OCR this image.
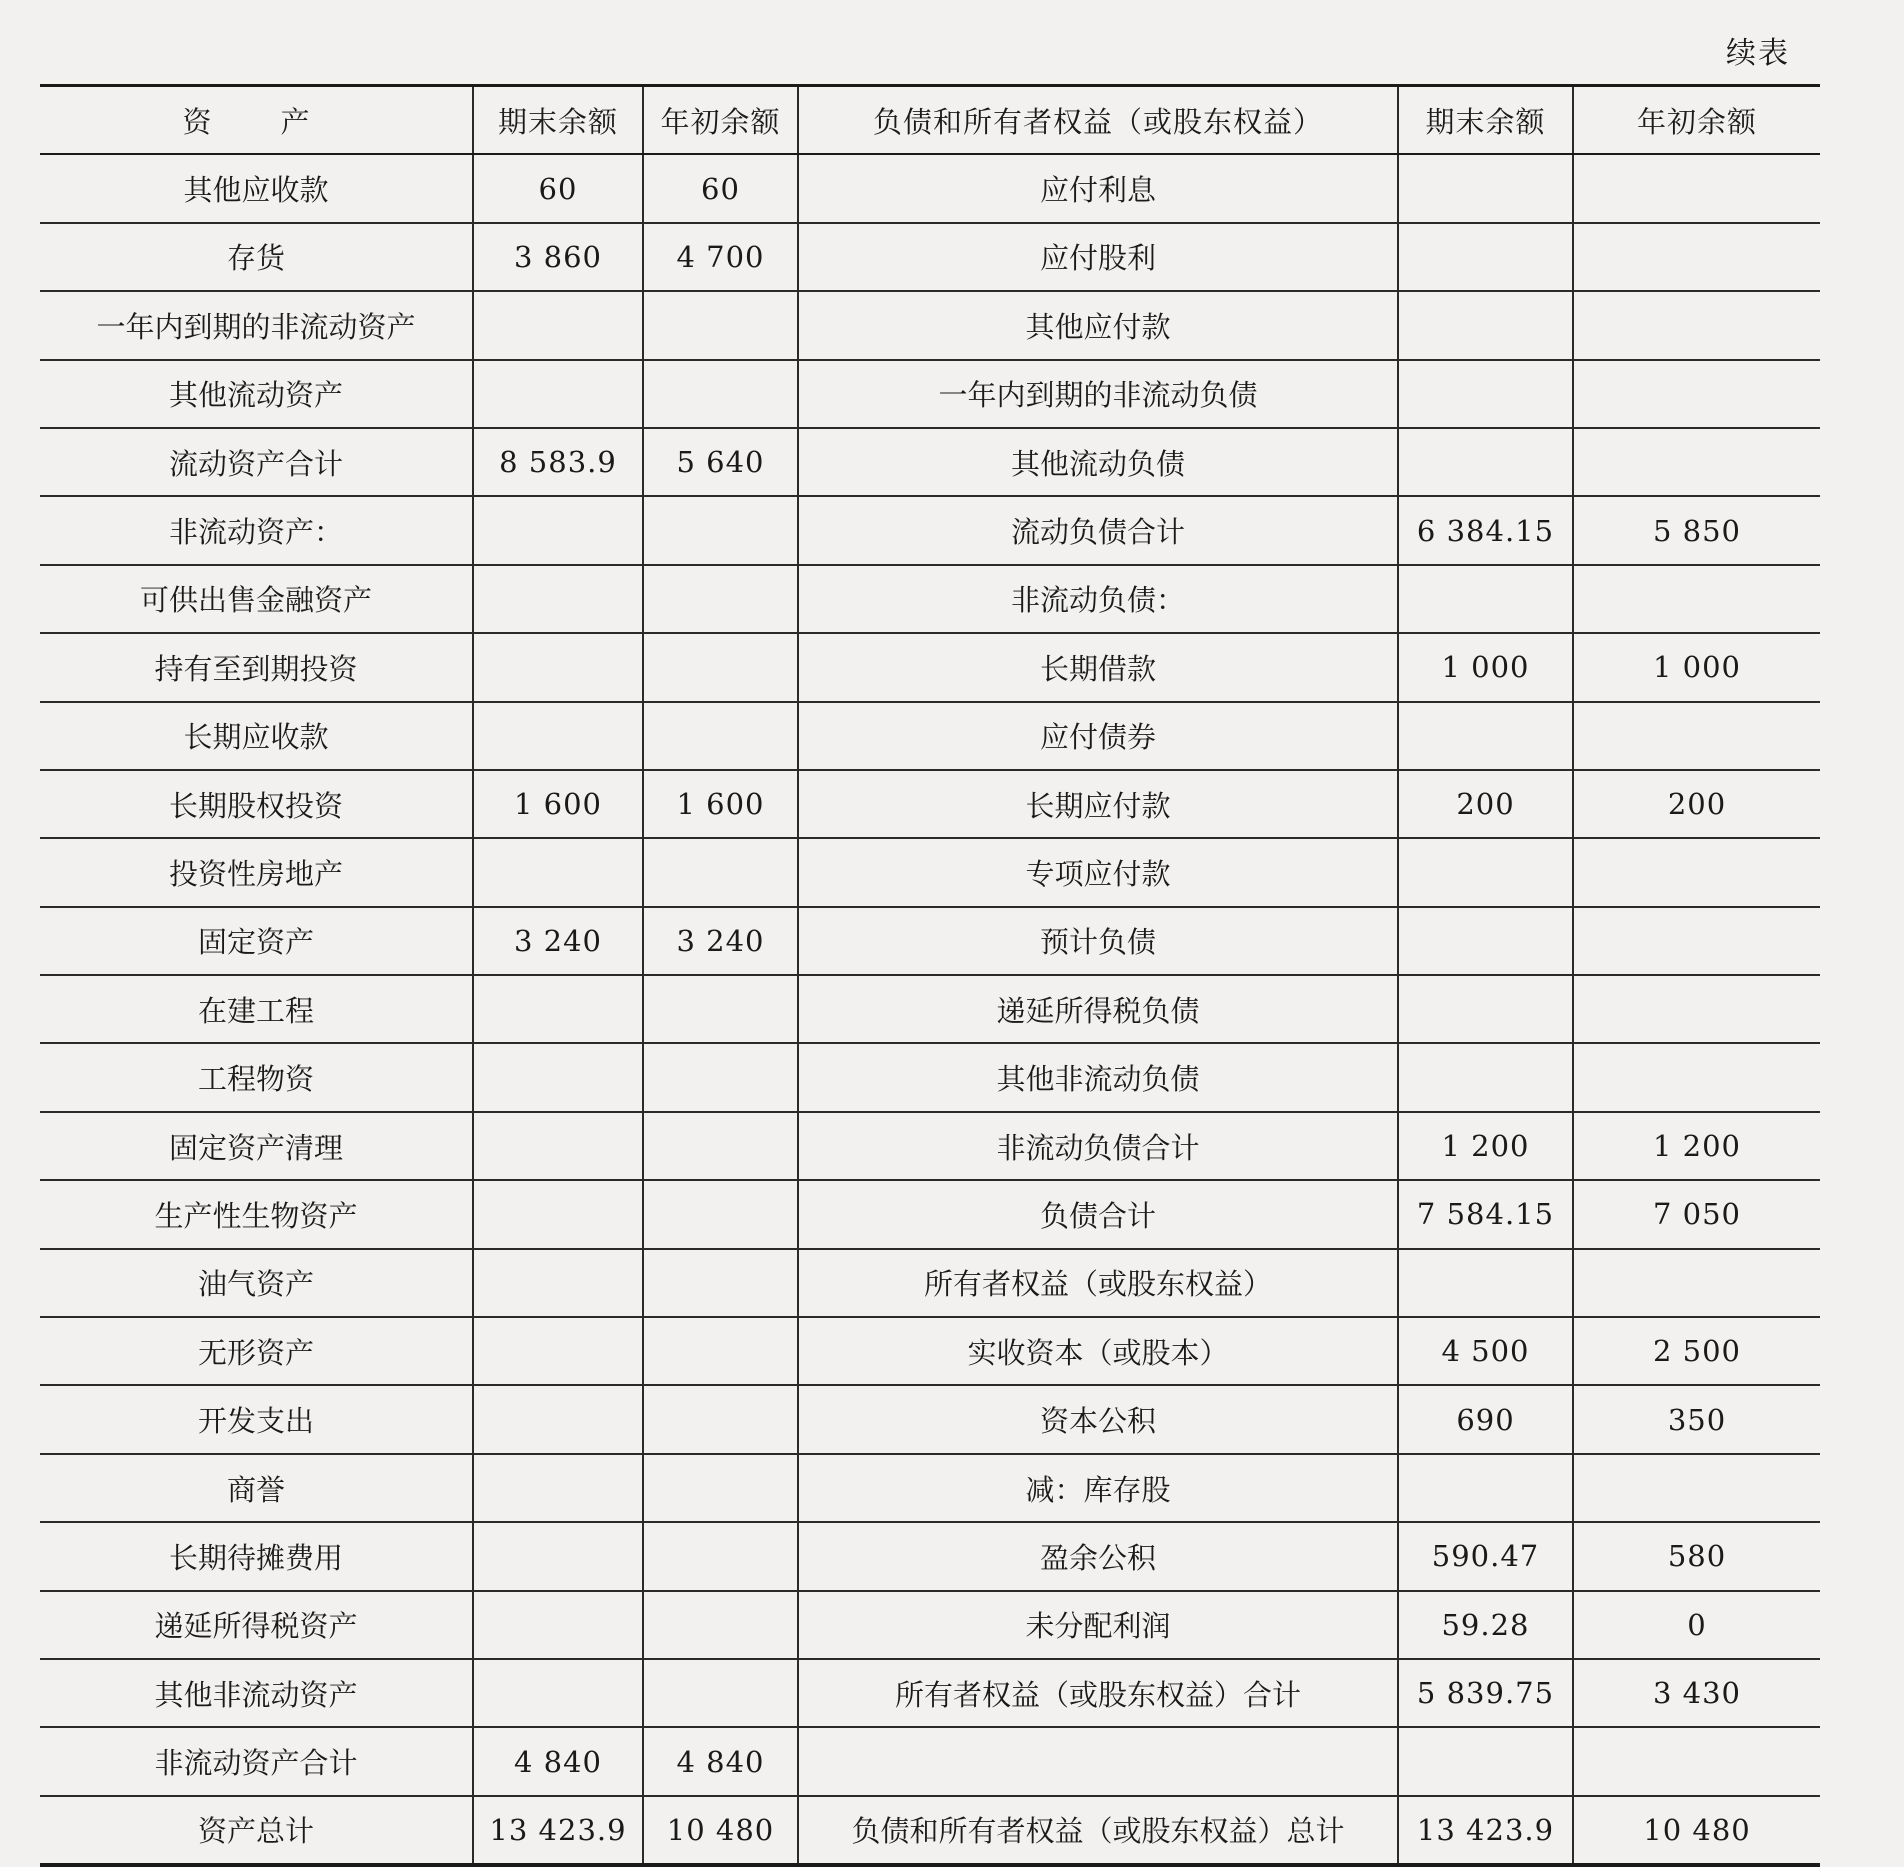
续表
资　产	期末余额	年初余额	负债和所有者权益（或股东权益）	期末余额	年初余额
其他应收款	60	60	应付利息		
存货	3 860	4 700	应付股利		
一年内到期的非流动资产			其他应付款		
其他流动资产			一年内到期的非流动负债		
流动资产合计	8 583.9	5 640	其他流动负债		
非流动资产：			流动负债合计	6 384.15	5 850
可供出售金融资产			非流动负债：		
持有至到期投资			长期借款	1 000	1 000
长期应收款			应付债券		
长期股权投资	1 600	1 600	长期应付款	200	200
投资性房地产			专项应付款		
固定资产	3 240	3 240	预计负债		
在建工程			递延所得税负债		
工程物资			其他非流动负债		
固定资产清理			非流动负债合计	1 200	1 200
生产性生物资产			负债合计	7 584.15	7 050
油气资产			所有者权益（或股东权益）		
无形资产			实收资本（或股本）	4 500	2 500
开发支出			资本公积	690	350
商誉			减：库存股		
长期待摊费用			盈余公积	590.47	580
递延所得税资产			未分配利润	59.28	0
其他非流动资产			所有者权益（或股东权益）合计	5 839.75	3 430
非流动资产合计	4 840	4 840			
资产总计	13 423.9	10 480	负债和所有者权益（或股东权益）总计	13 423.9	10 480
